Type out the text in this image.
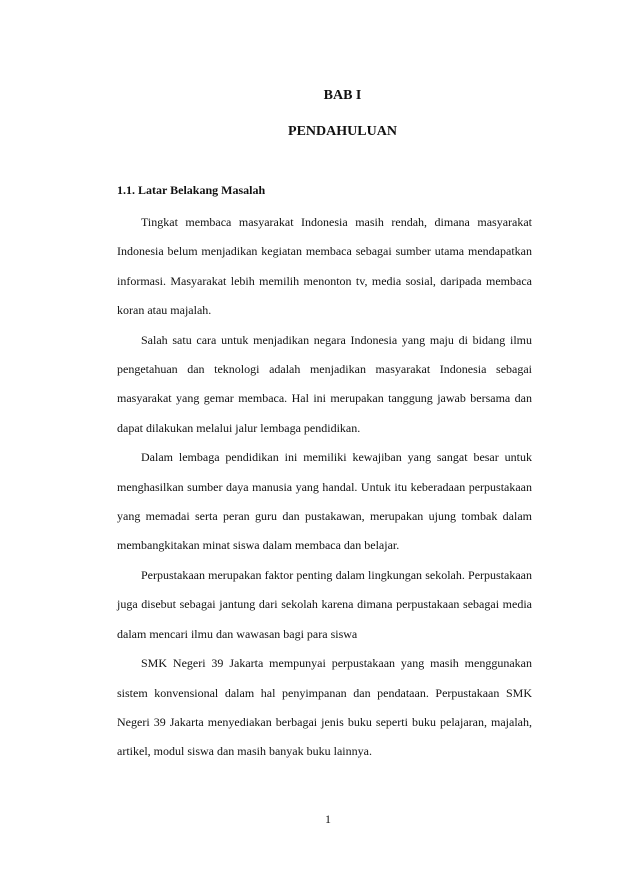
BAB I
PENDAHULUAN
1.1. Latar Belakang Masalah

Tingkat membaca masyarakat Indonesia masih rendah, dimana masyarakat Indonesia belum menjadikan kegiatan membaca sebagai sumber utama mendapatkan informasi. Masyarakat lebih memilih menonton tv, media sosial, daripada membaca koran atau majalah.

Salah satu cara untuk menjadikan negara Indonesia yang maju di bidang ilmu pengetahuan dan teknologi adalah menjadikan masyarakat Indonesia sebagai masyarakat yang gemar membaca. Hal ini merupakan tanggung jawab bersama dan dapat dilakukan melalui jalur lembaga pendidikan.

Dalam lembaga pendidikan ini memiliki kewajiban yang sangat besar untuk menghasilkan sumber daya manusia yang handal. Untuk itu keberadaan perpustakaan yang memadai serta peran guru dan pustakawan, merupakan ujung tombak dalam membangkitakan minat siswa dalam membaca dan belajar.

Perpustakaan merupakan faktor penting dalam lingkungan sekolah. Perpustakaan juga disebut sebagai jantung dari sekolah karena dimana perpustakaan sebagai media dalam mencari ilmu dan wawasan bagi para siswa

SMK Negeri 39 Jakarta mempunyai perpustakaan yang masih menggunakan sistem konvensional dalam hal penyimpanan dan pendataan. Perpustakaan SMK Negeri 39 Jakarta menyediakan berbagai jenis buku seperti buku pelajaran, majalah, artikel, modul siswa dan masih banyak buku lainnya.

1
